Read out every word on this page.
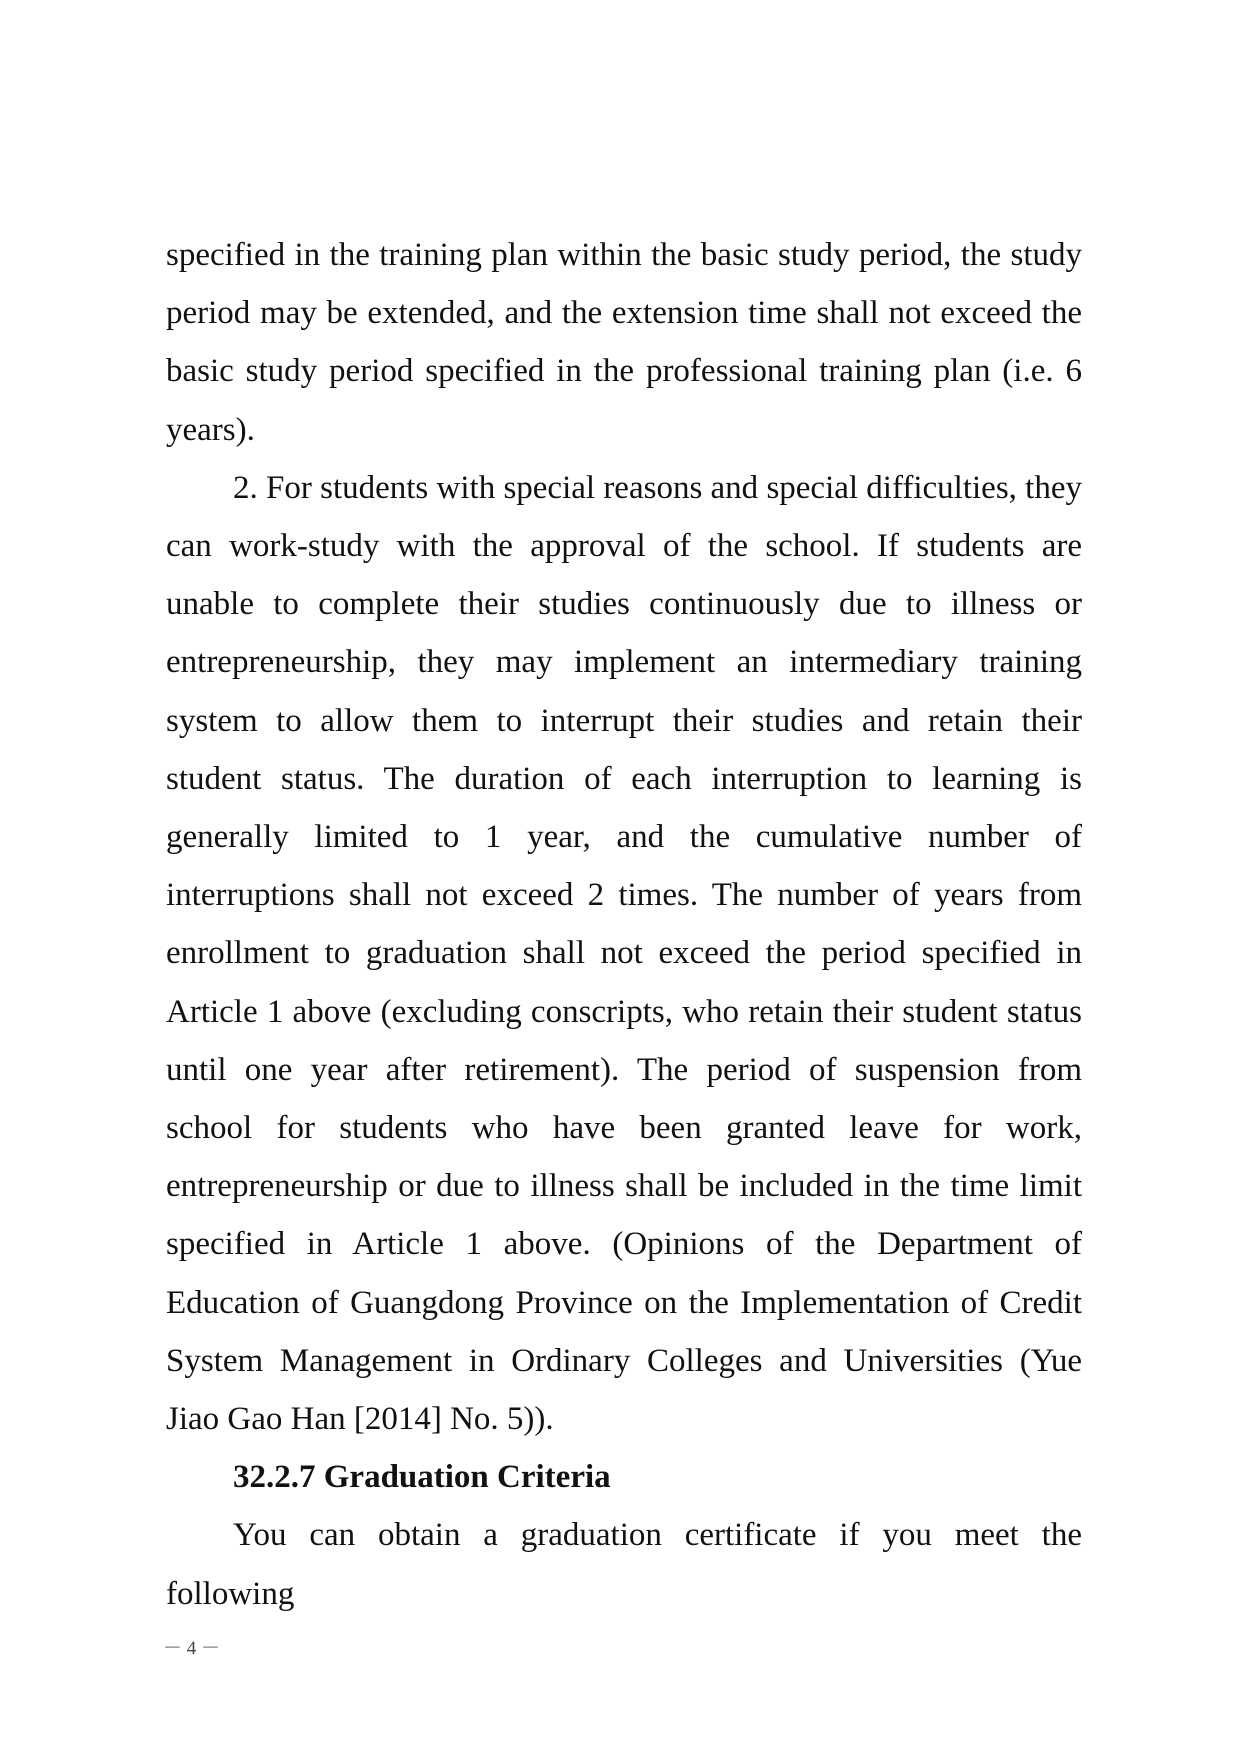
specified in the training plan within the basic study period, the study period may be extended, and the extension time shall not exceed the basic study period specified in the professional training plan (i.e. 6 years).

2. For students with special reasons and special difficulties, they can work-study with the approval of the school. If students are unable to complete their studies continuously due to illness or entrepreneurship, they may implement an intermediary training system to allow them to interrupt their studies and retain their student status. The duration of each interruption to learning is generally limited to 1 year, and the cumulative number of interruptions shall not exceed 2 times. The number of years from enrollment to graduation shall not exceed the period specified in Article 1 above (excluding conscripts, who retain their student status until one year after retirement). The period of suspension from school for students who have been granted leave for work, entrepreneurship or due to illness shall be included in the time limit specified in Article 1 above. (Opinions of the Department of Education of Guangdong Province on the Implementation of Credit System Management in Ordinary Colleges and Universities (Yue Jiao Gao Han [2014] No. 5)).

32.2.7 Graduation Criteria

You can obtain a graduation certificate if you meet the following

－ 4 －
